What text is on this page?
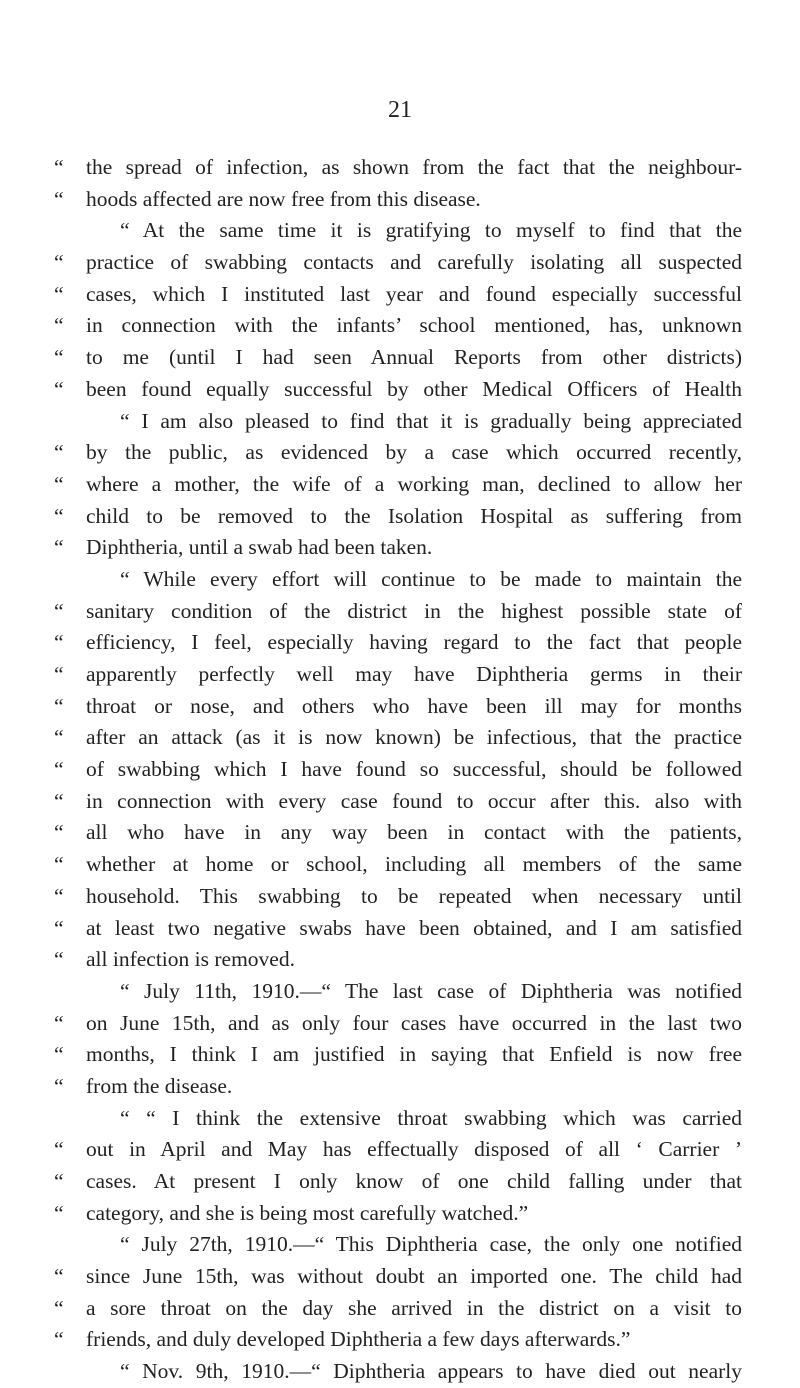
21
“	the spread of infection, as shown from the fact that the neighbour-
“	hoods affected are now free from this disease.
“ At the same time it is gratifying to myself to find that the
“	practice of swabbing contacts and carefully isolating all suspected
“	cases, which I instituted last year and found especially successful
“	in connection with the infants’ school mentioned, has, unknown
“	to me (until I had seen Annual Reports from other districts)
“	been found equally successful by other Medical Officers of Health
“ I am also pleased to find that it is gradually being appreciated
“	by the public, as evidenced by a case which occurred recently,
“	where a mother, the wife of a working man, declined to allow her
“	child to be removed to the Isolation Hospital as suffering from
“	Diphtheria, until a swab had been taken.
“ While every effort will continue to be made to maintain the
“	sanitary condition of the district in the highest possible state of
“	efficiency, I feel, especially having regard to the fact that people
“	apparently perfectly well may have Diphtheria germs in their
“	throat or nose, and others who have been ill may for months
“	after an attack (as it is now known) be infectious, that the practice
“	of swabbing which I have found so successful, should be followed
“	in connection with every case found to occur after this. also with
“	all who have in any way been in contact with the patients,
“	whether at home or school, including all members of the same
“	household. This swabbing to be repeated when necessary until
“	at least two negative swabs have been obtained, and I am satisfied
“	all infection is removed.
“ July 11th, 1910.—“ The last case of Diphtheria was notified
“	on June 15th, and as only four cases have occurred in the last two
“	months, I think I am justified in saying that Enfield is now free
“	from the disease.
“ “ I think the extensive throat swabbing which was carried
“	out in April and May has effectually disposed of all ‘ Carrier ’
“	cases. At present I only know of one child falling under that
“	category, and she is being most carefully watched.”
“ July 27th, 1910.—“ This Diphtheria case, the only one notified
“	since June 15th, was without doubt an imported one. The child had
“	a sore throat on the day she arrived in the district on a visit to
“	friends, and duly developed Diphtheria a few days afterwards.”
“ Nov. 9th, 1910.—“ Diphtheria appears to have died out nearly
